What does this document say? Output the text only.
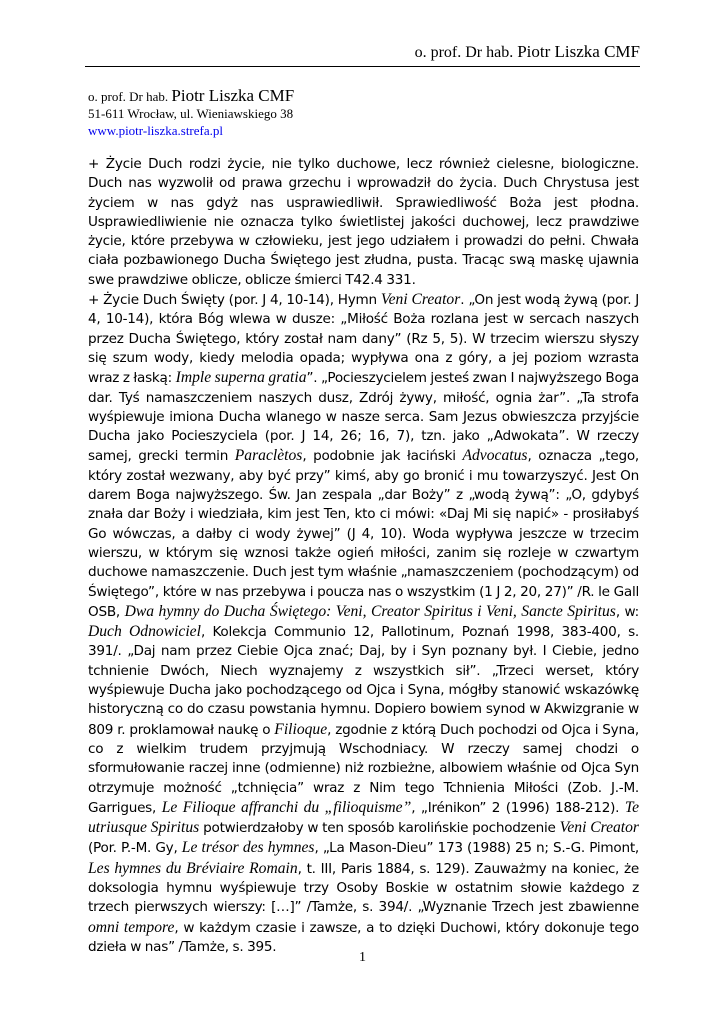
o. prof. Dr hab. Piotr Liszka CMF
o. prof. Dr hab. Piotr Liszka CMF
51-611 Wrocław, ul. Wieniawskiego 38
www.piotr-liszka.strefa.pl

+ Życie Duch rodzi życie, nie tylko duchowe, lecz również cielesne, biologiczne. Duch nas wyzwolił od prawa grzechu i wprowadził do życia. Duch Chrystusa jest życiem w nas gdyż nas usprawiedliwił. Sprawiedliwość Boża jest płodna. Usprawiedliwienie nie oznacza tylko świetlistej jakości duchowej, lecz prawdziwe życie, które przebywa w człowieku, jest jego udziałem i prowadzi do pełni. Chwała ciała pozbawionego Ducha Świętego jest złudna, pusta. Tracąc swą maskę ujawnia swe prawdziwe oblicze, oblicze śmierci T42.4 331.

+ Życie Duch Święty (por. J 4, 10-14), Hymn Veni Creator. „On jest wodą żywą (por. J 4, 10-14), która Bóg wlewa w dusze: „Miłość Boża rozlana jest w sercach naszych przez Ducha Świętego, który został nam dany” (Rz 5, 5). W trzecim wierszu słyszy się szum wody, kiedy melodia opada; wypływa ona z góry, a jej poziom wzrasta wraz z łaską: Imple superna gratia”. „Pocieszycielem jesteś zwan I najwyższego Boga dar. Tyś namaszczeniem naszych dusz, Zdrój żywy, miłość, ognia żar”. „Ta strofa wyśpiewuje imiona Ducha wlanego w nasze serca. Sam Jezus obwieszcza przyjście Ducha jako Pocieszyciela (por. J 14, 26; 16, 7), tzn. jako „Adwokata”. W rzeczy samej, grecki termin Paraclètos, podobnie jak łaciński Advocatus, oznacza „tego, który został wezwany, aby być przy” kimś, aby go bronić i mu towarzyszyć. Jest On darem Boga najwyższego. Św. Jan zespala „dar Boży” z „wodą żywą”: „O, gdybyś znała dar Boży i wiedziała, kim jest Ten, kto ci mówi: «Daj Mi się napić» - prosiłabyś Go wówczas, a dałby ci wody żywej” (J 4, 10). Woda wypływa jeszcze w trzecim wierszu, w którym się wznosi także ogień miłości, zanim się rozleje w czwartym duchowe namaszczenie. Duch jest tym właśnie „namaszczeniem (pochodzącym) od Świętego”, które w nas przebywa i poucza nas o wszystkim (1 J 2, 20, 27)” /R. le Gall OSB, Dwa hymny do Ducha Świętego: Veni, Creator Spiritus i Veni, Sancte Spiritus, w: Duch Odnowiciel, Kolekcja Communio 12, Pallotinum, Poznań 1998, 383-400, s. 391/. „Daj nam przez Ciebie Ojca znać; Daj, by i Syn poznany był. I Ciebie, jedno tchnienie Dwóch, Niech wyznajemy z wszystkich sił”. „Trzeci werset, który wyśpiewuje Ducha jako pochodzącego od Ojca i Syna, mógłby stanowić wskazówkę historyczną co do czasu powstania hymnu. Dopiero bowiem synod w Akwizgranie w 809 r. proklamował naukę o Filioque, zgodnie z którą Duch pochodzi od Ojca i Syna, co z wielkim trudem przyjmują Wschodniacy. W rzeczy samej chodzi o sformułowanie raczej inne (odmienne) niż rozbieżne, albowiem właśnie od Ojca Syn otrzymuje możność „tchnięcia” wraz z Nim tego Tchnienia Miłości (Zob. J.-M. Garrigues, Le Filioque affranchi du „filioquisme”, „Irénikon” 2 (1996) 188-212). Te utriusque Spiritus potwierdzałoby w ten sposób karolińskie pochodzenie Veni Creator (Por. P.-M. Gy, Le trésor des hymnes, „La Mason-Dieu” 173 (1988) 25 n; S.-G. Pimont, Les hymnes du Bréviaire Romain, t. III, Paris 1884, s. 129). Zauważmy na koniec, że doksologia hymnu wyśpiewuje trzy Osoby Boskie w ostatnim słowie każdego z trzech pierwszych wierszy: […]” /Tamże, s. 394/. „Wyznanie Trzech jest zbawienne omni tempore, w każdym czasie i zawsze, a to dzięki Duchowi, który dokonuje tego dzieła w nas” /Tamże, s. 395.

1
